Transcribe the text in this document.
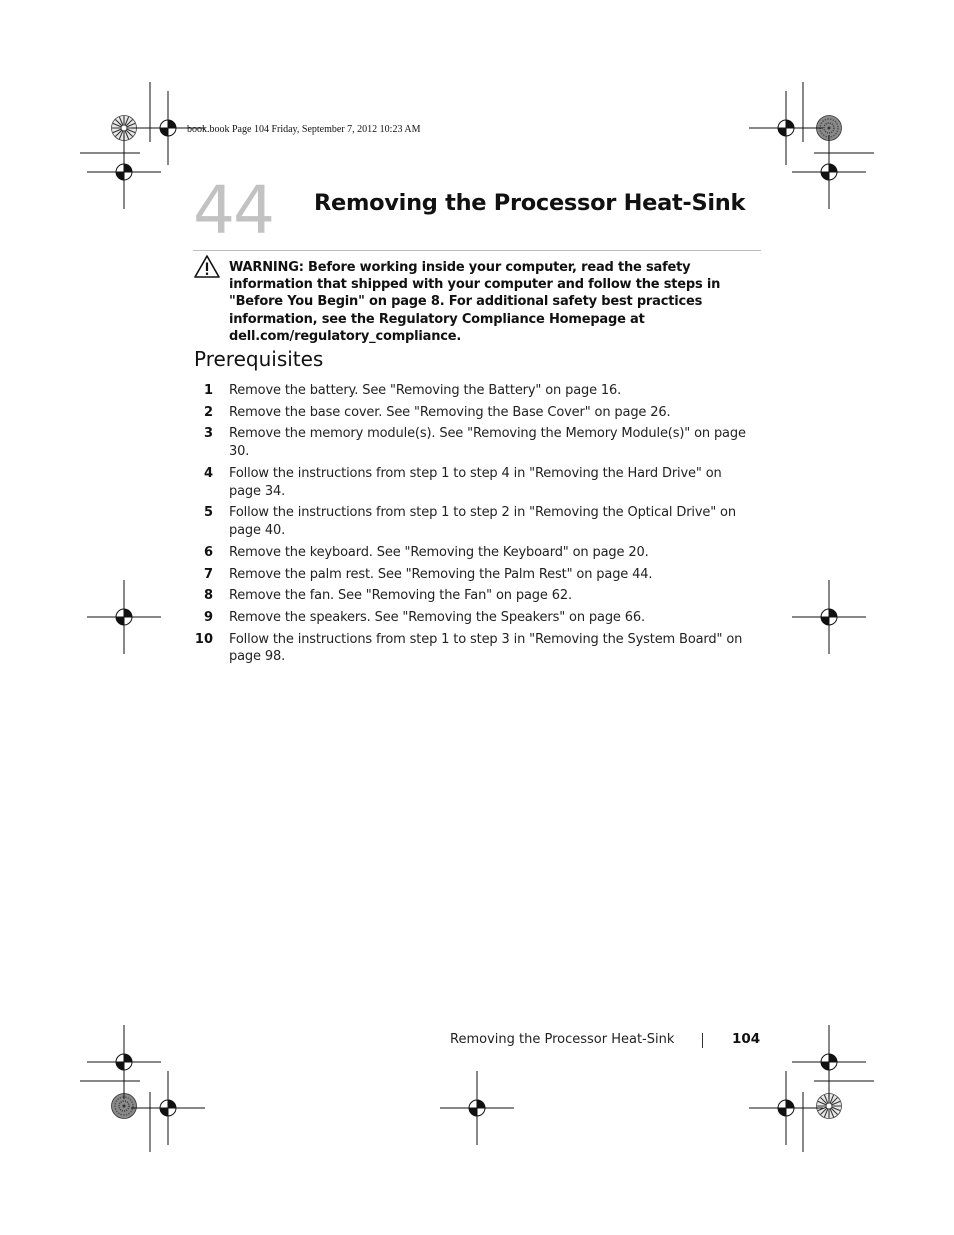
book.book Page 104 Friday, September 7, 2012 10:23 AM
44 Removing the Processor Heat-Sink
WARNING: Before working inside your computer, read the safety information that shipped with your computer and follow the steps in "Before You Begin" on page 8. For additional safety best practices information, see the Regulatory Compliance Homepage at dell.com/regulatory_compliance.
Prerequisites
1 Remove the battery. See "Removing the Battery" on page 16.
2 Remove the base cover. See "Removing the Base Cover" on page 26.
3 Remove the memory module(s). See "Removing the Memory Module(s)" on page 30.
4 Follow the instructions from step 1 to step 4 in "Removing the Hard Drive" on page 34.
5 Follow the instructions from step 1 to step 2 in "Removing the Optical Drive" on page 40.
6 Remove the keyboard. See "Removing the Keyboard" on page 20.
7 Remove the palm rest. See "Removing the Palm Rest" on page 44.
8 Remove the fan. See "Removing the Fan" on page 62.
9 Remove the speakers. See "Removing the Speakers" on page 66.
10 Follow the instructions from step 1 to step 3 in "Removing the System Board" on page 98.
Removing the Processor Heat-Sink	104
